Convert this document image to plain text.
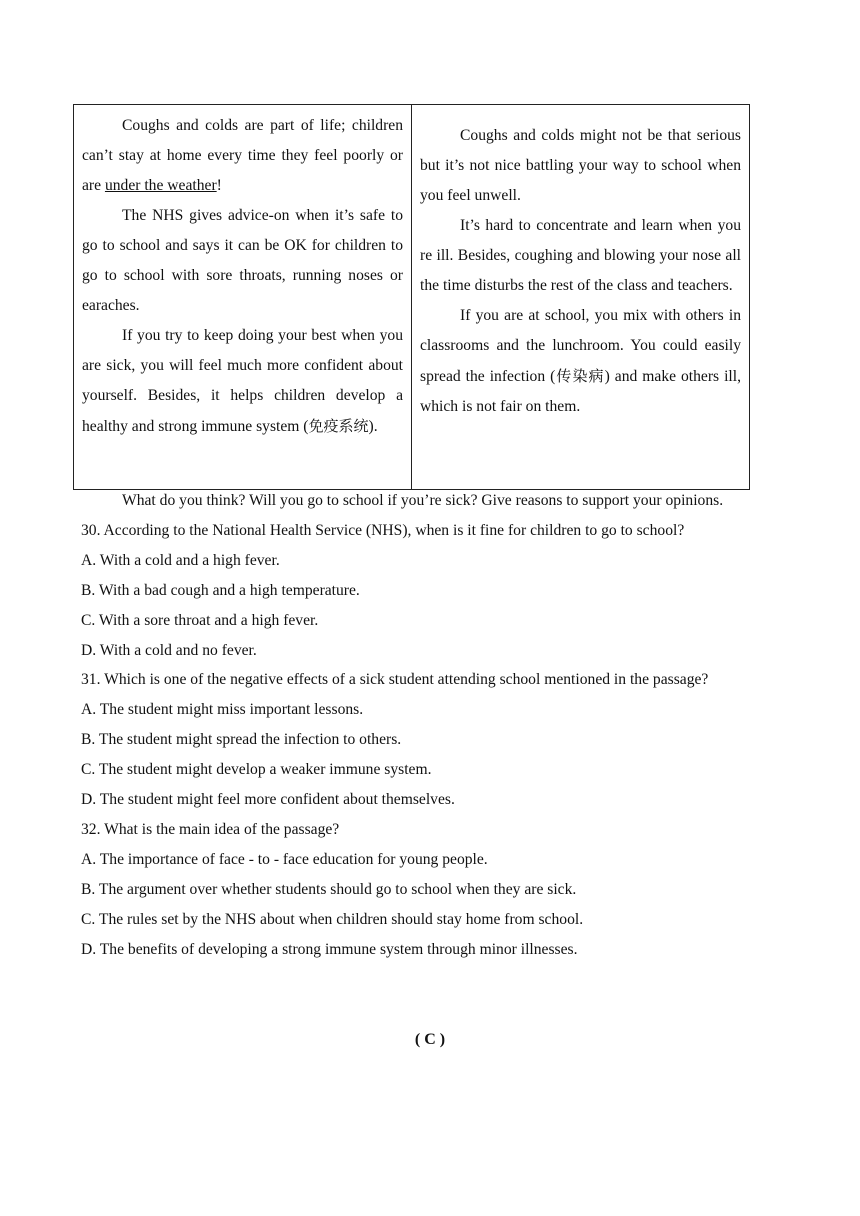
Coughs and colds are part of life; children can’t stay at home every time they feel poorly or are under the weather!

The NHS gives advice-on when it’s safe to go to school and says it can be OK for children to go to school with sore throats, running noses or earaches.

If you try to keep doing your best when you are sick, you will feel much more confident about yourself. Besides, it helps children develop a healthy and strong immune system (免疫系统).

Coughs and colds might not be that serious but it’s not nice battling your way to school when you feel unwell.

It’s hard to concentrate and learn when you re ill. Besides, coughing and blowing your nose all the time disturbs the rest of the class and teachers.

If you are at school, you mix with others in classrooms and the lunchroom. You could easily spread the infection (传染病) and make others ill, which is not fair on them.

What do you think? Will you go to school if you’re sick? Give reasons to support your opinions.

30. According to the National Health Service (NHS), when is it fine for children to go to school?

A. With a cold and a high fever.

B. With a bad cough and a high temperature.

C. With a sore throat and a high fever.

D. With a cold and no fever.

31. Which is one of the negative effects of a sick student attending school mentioned in the passage?

A. The student might miss important lessons.

B. The student might spread the infection to others.

C. The student might develop a weaker immune system.

D. The student might feel more confident about themselves.

32. What is the main idea of the passage?

A. The importance of face - to - face education for young people.

B. The argument over whether students should go to school when they are sick.

C. The rules set by the NHS about when children should stay home from school.

D. The benefits of developing a strong immune system through minor illnesses.

( C )
